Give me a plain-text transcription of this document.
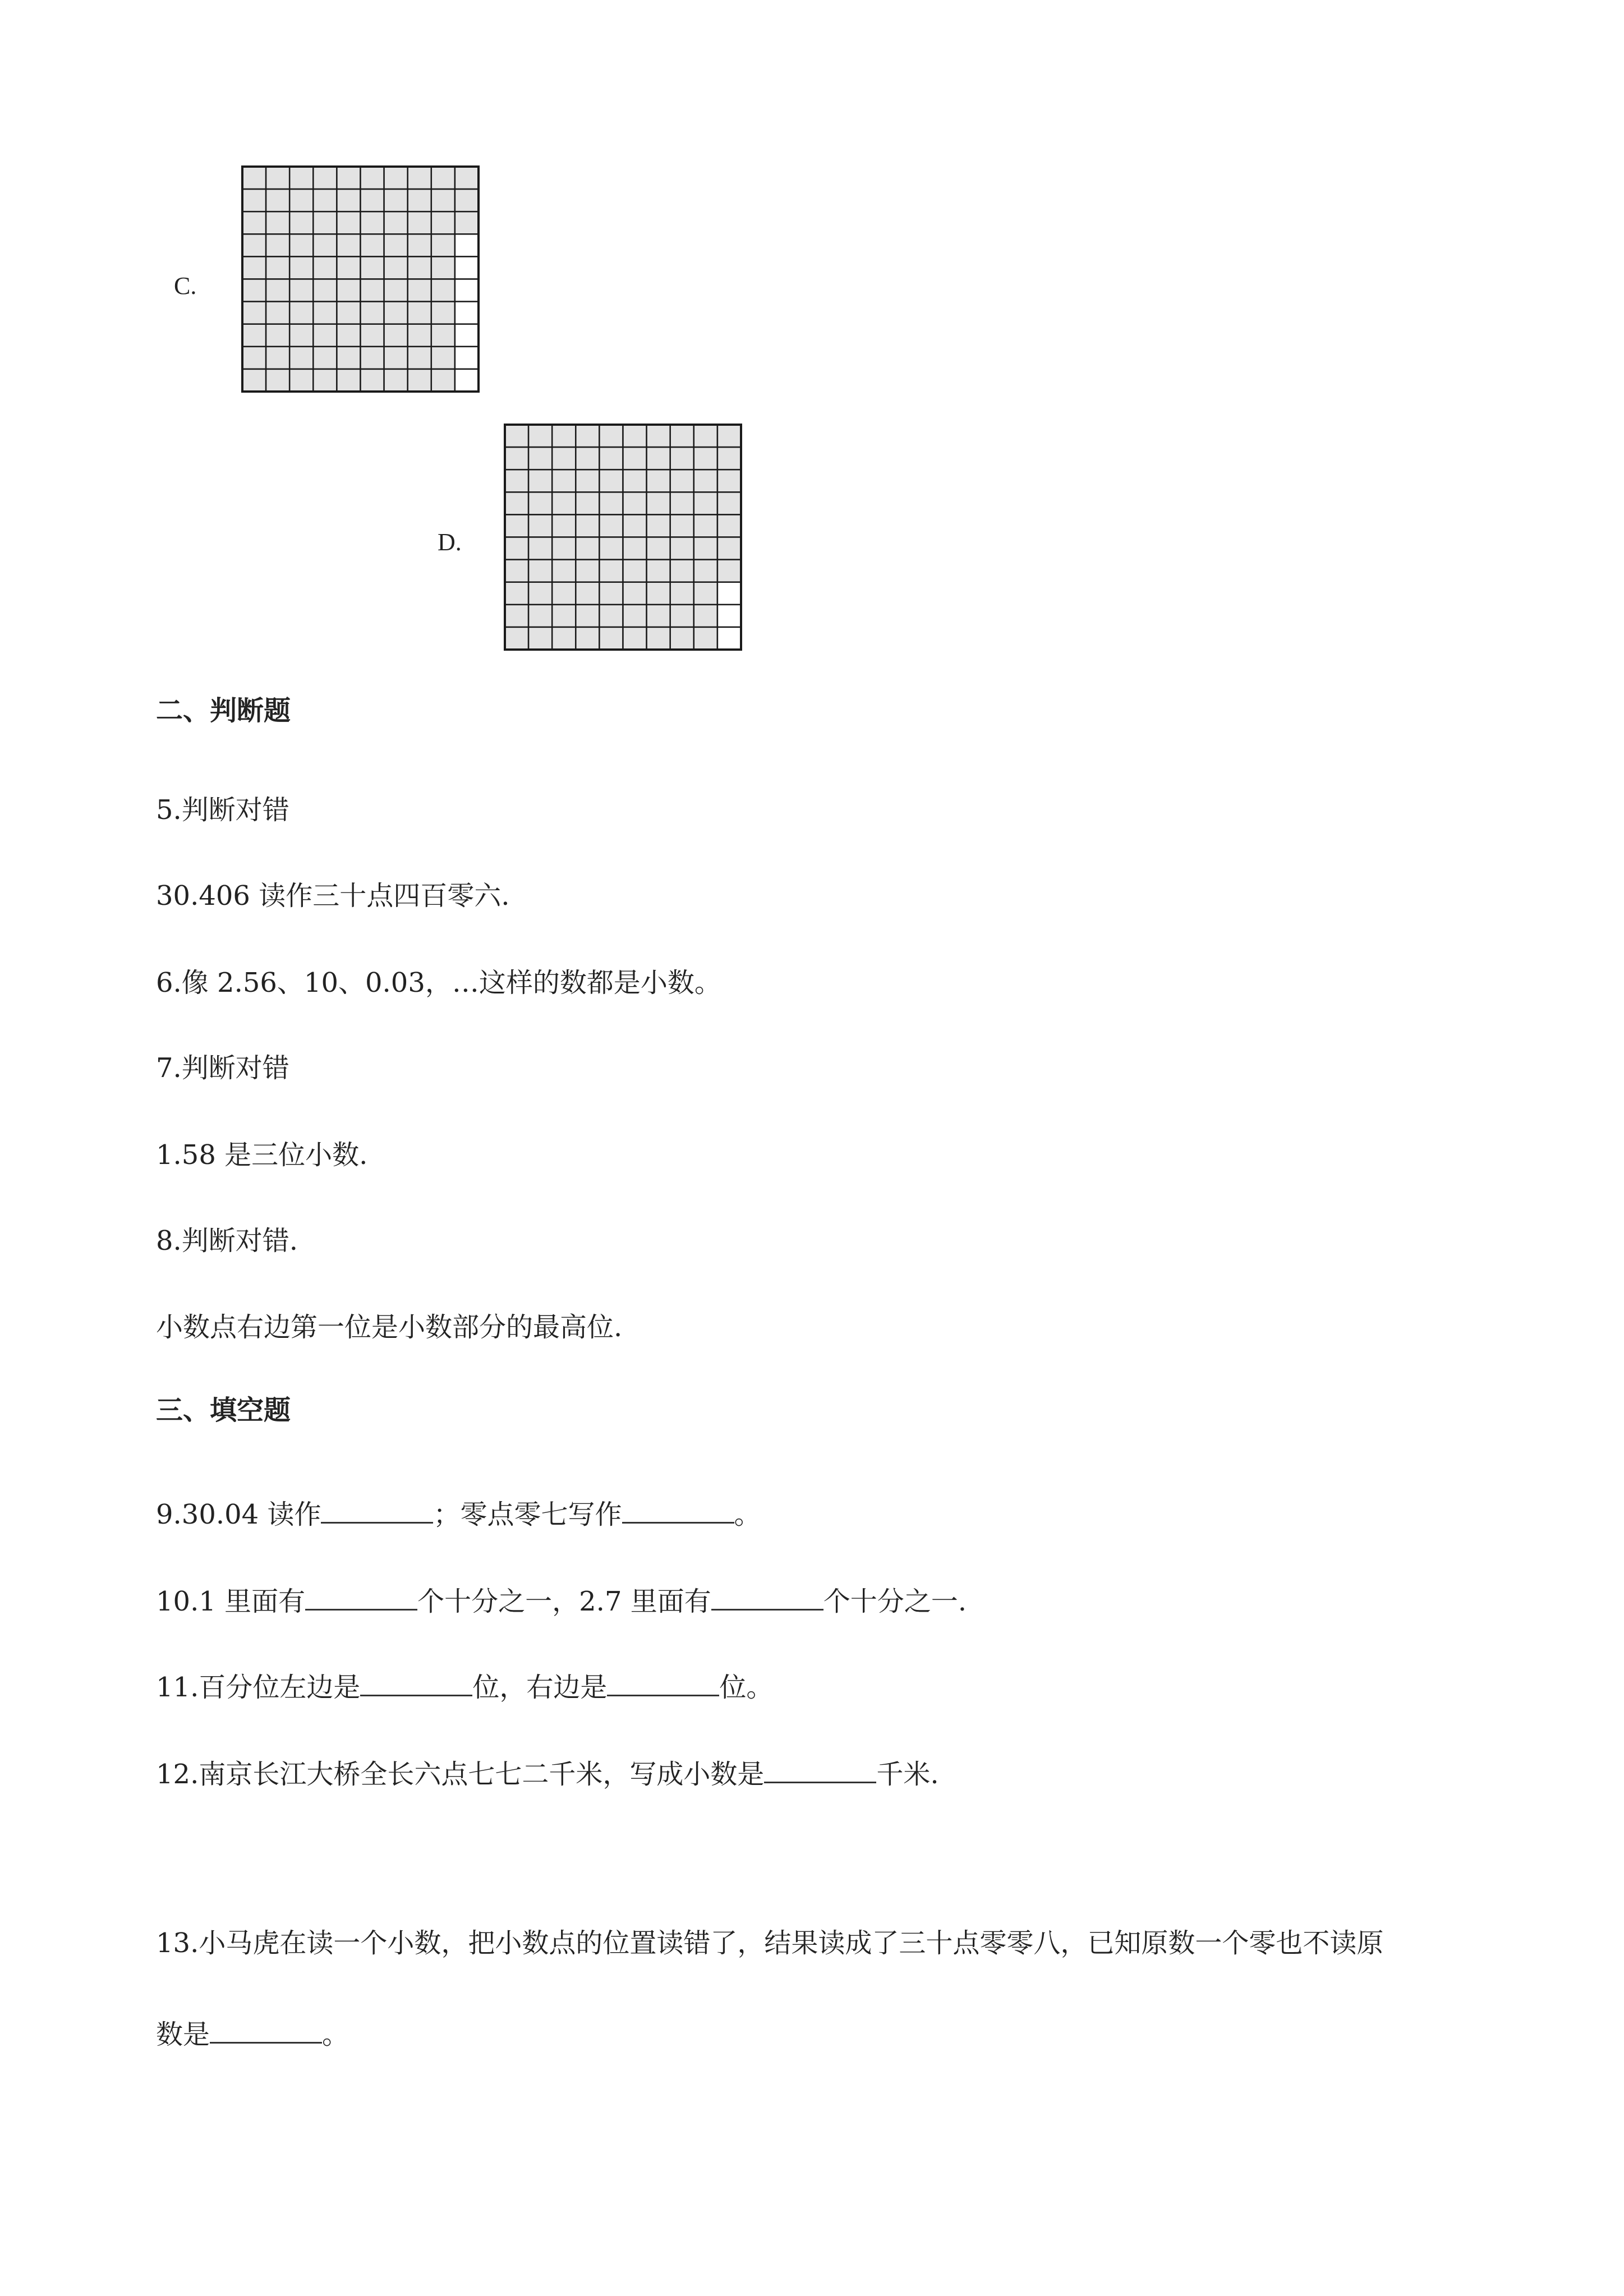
C.
D.
二、判断题
5.判断对错
30.406 读作三十点四百零六.
6.像 2.56、10、0.03，…这样的数都是小数。
7.判断对错
1.58 是三位小数.
8.判断对错.
小数点右边第一位是小数部分的最高位.
三、填空题
9.30.04 读作	；零点零七写作	。
10.1 里面有	个十分之一，2.7 里面有	个十分之一.
11.百分位左边是	位，右边是	位。
12.南京长江大桥全长六点七七二千米，写成小数是	千米.
13.小马虎在读一个小数，把小数点的位置读错了，结果读成了三十点零零八，已知原数一个零也不读原
数是	。
